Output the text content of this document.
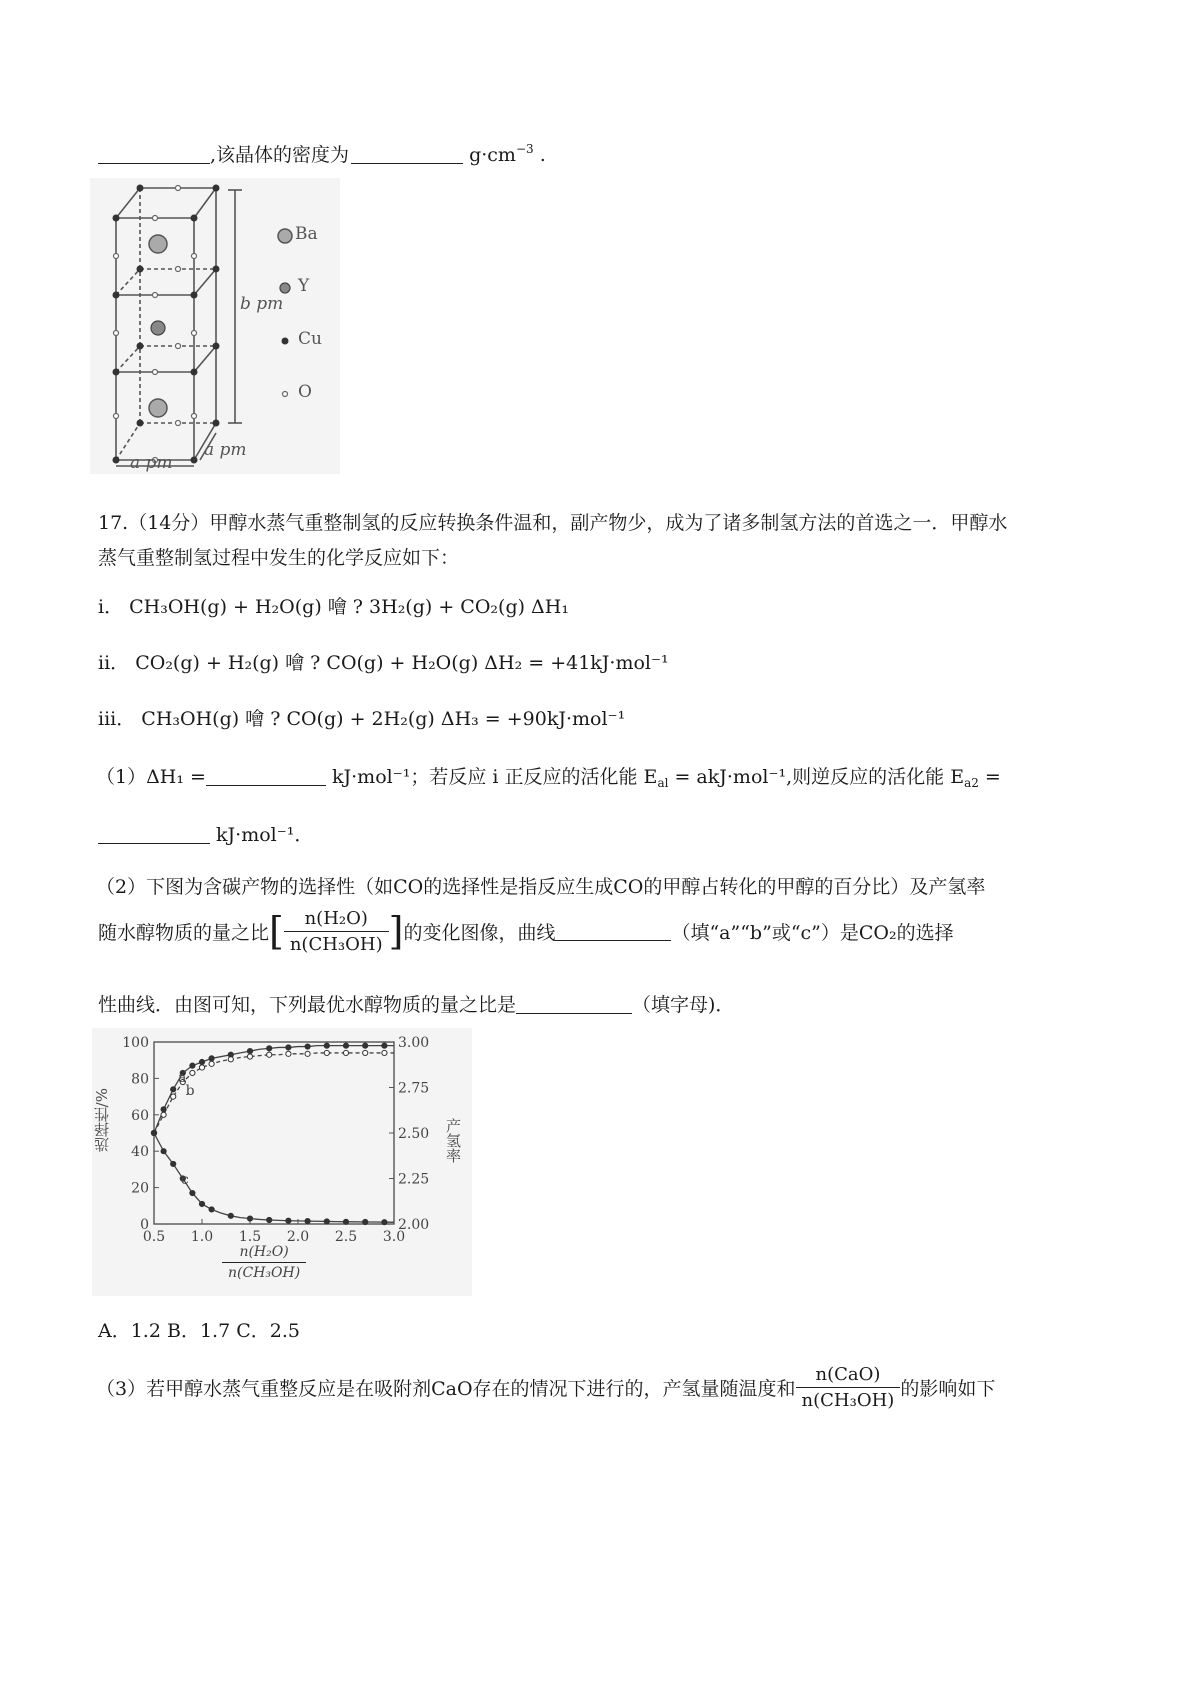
,该晶体的密度为	$g\cdot cm^{-3}$ .
Ba
Y
Cu
O
b pm
a pm
a pm
17.（14分）甲醇水蒸气重整制氢的反应转换条件温和，副产物少，成为了诸多制氢方法的首选之一．甲醇水
蒸气重整制氢过程中发生的化学反应如下：
i． CH₃OH(g) + H₂O(g) 噲 ? 3H₂(g) + CO₂(g) ΔH₁
ii． CO₂(g) + H₂(g) 噲 ? CO(g) + H₂O(g) ΔH₂ = +41kJ·mol⁻¹
iii． CH₃OH(g) 噲 ? CO(g) + 2H₂(g) ΔH₃ = +90kJ·mol⁻¹
（1）ΔH₁ =	kJ·mol⁻¹；若反应 i 正反应的活化能 $E_{al} = akJ\cdot mol^{-1}$,则逆反应的活化能 $E_{a2}$ =
kJ·mol⁻¹．
（2）下图为含碳产物的选择性（如CO的选择性是指反应生成CO的甲醇占转化的甲醇的百分比）及产氢率
随水醇物质的量之比[ $\frac{\text{n(H₂O)}}{\text{n(CH₃OH)}}$ ]的变化图像，曲线	（填“a”“b”或“c”）是CO₂的选择
性曲线．由图可知，下列最优水醇物质的量之比是	（填字母)．
0.5 1.0 1.5 2.0 2.5 3.0
0
20
40
60
80
100
2.00
2.25
2.50
2.75
3.00
a
b
c
选择性/%	产氢率
$\frac{\text{n(H₂O)}}{\text{n(CH₃OH)}}$
A．1.2 B．1.7 C．2.5
（3）若甲醇水蒸气重整反应是在吸附剂CaO存在的情况下进行的，产氢量随温度和 $\frac{\text{n(CaO)}}{\text{n(CH₃OH)}}$ 的影响如下
